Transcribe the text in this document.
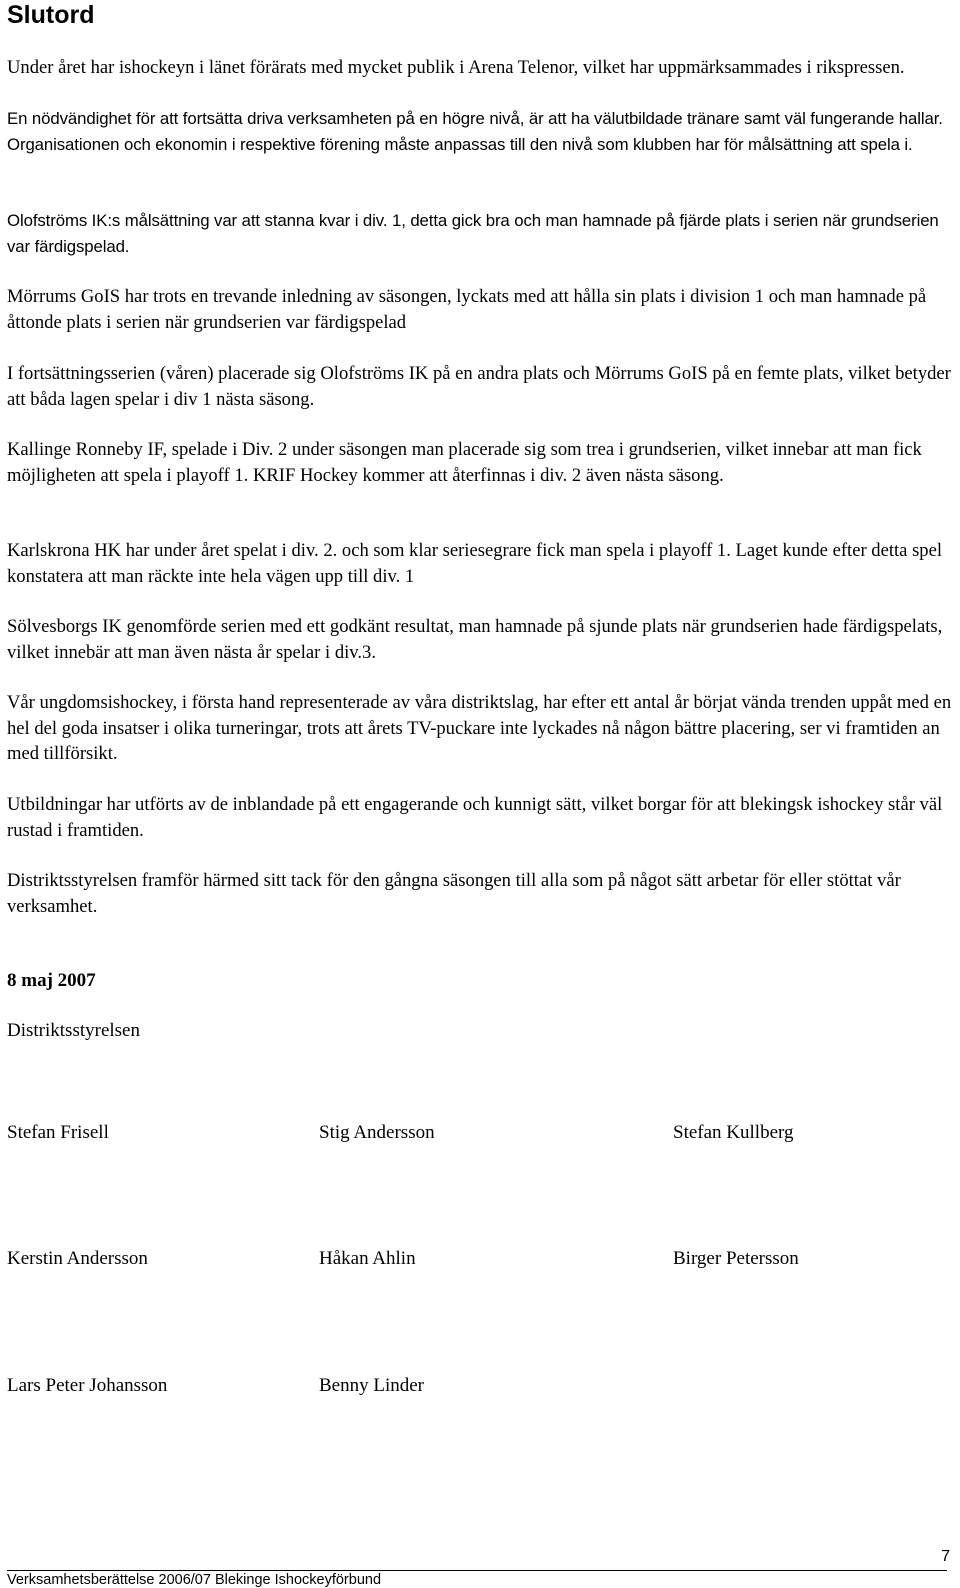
Slutord
Under året har ishockeyn i länet förärats med mycket publik i Arena Telenor, vilket har uppmärksammades i rikspressen.
En nödvändighet för att fortsätta driva verksamheten på en högre nivå, är att ha välutbildade tränare samt väl fungerande hallar. Organisationen och ekonomin i respektive förening måste anpassas till den nivå som klubben har för målsättning att spela i.
Olofströms IK:s målsättning var att stanna kvar i div. 1, detta gick bra och man hamnade på fjärde plats i serien när grundserien var färdigspelad.
Mörrums GoIS har trots en trevande inledning av säsongen, lyckats med att hålla sin plats i division 1 och man hamnade på åttonde plats i serien när grundserien var färdigspelad
I fortsättningsserien (våren) placerade sig Olofströms IK på en andra plats och Mörrums GoIS på en femte plats, vilket betyder att båda lagen spelar i div 1 nästa säsong.
Kallinge Ronneby IF, spelade i Div. 2 under säsongen man placerade sig som trea i grundserien, vilket innebar att man fick möjligheten att spela i playoff 1. KRIF Hockey kommer att återfinnas i div. 2 även nästa säsong.
Karlskrona HK har under året spelat i div. 2. och som klar seriesegrare fick man spela i playoff 1. Laget kunde efter detta spel konstatera att man räckte inte hela vägen upp till div. 1
Sölvesborgs IK genomförde serien med ett godkänt resultat, man hamnade på sjunde plats när grundserien hade färdigspelats, vilket innebär att man även nästa år spelar i div.3.
Vår ungdomsishockey, i första hand representerade av våra distriktslag, har efter ett antal år börjat vända trenden uppåt med en hel del goda insatser i olika turneringar, trots att årets TV-puckare inte lyckades nå någon bättre placering, ser vi framtiden an med tillförsikt.
Utbildningar har utförts av de inblandade på ett engagerande och kunnigt sätt, vilket borgar för att blekingsk ishockey står väl rustad i framtiden.
Distriktsstyrelsen framför härmed sitt tack för den gångna säsongen till alla som på något sätt arbetar för eller stöttat vår verksamhet.
8 maj 2007
Distriktsstyrelsen
Stefan Frisell	Stig Andersson	Stefan Kullberg
Kerstin Andersson	Håkan Ahlin	Birger Petersson
Lars Peter Johansson	Benny Linder
7
Verksamhetsberättelse 2006/07 Blekinge Ishockeyförbund
